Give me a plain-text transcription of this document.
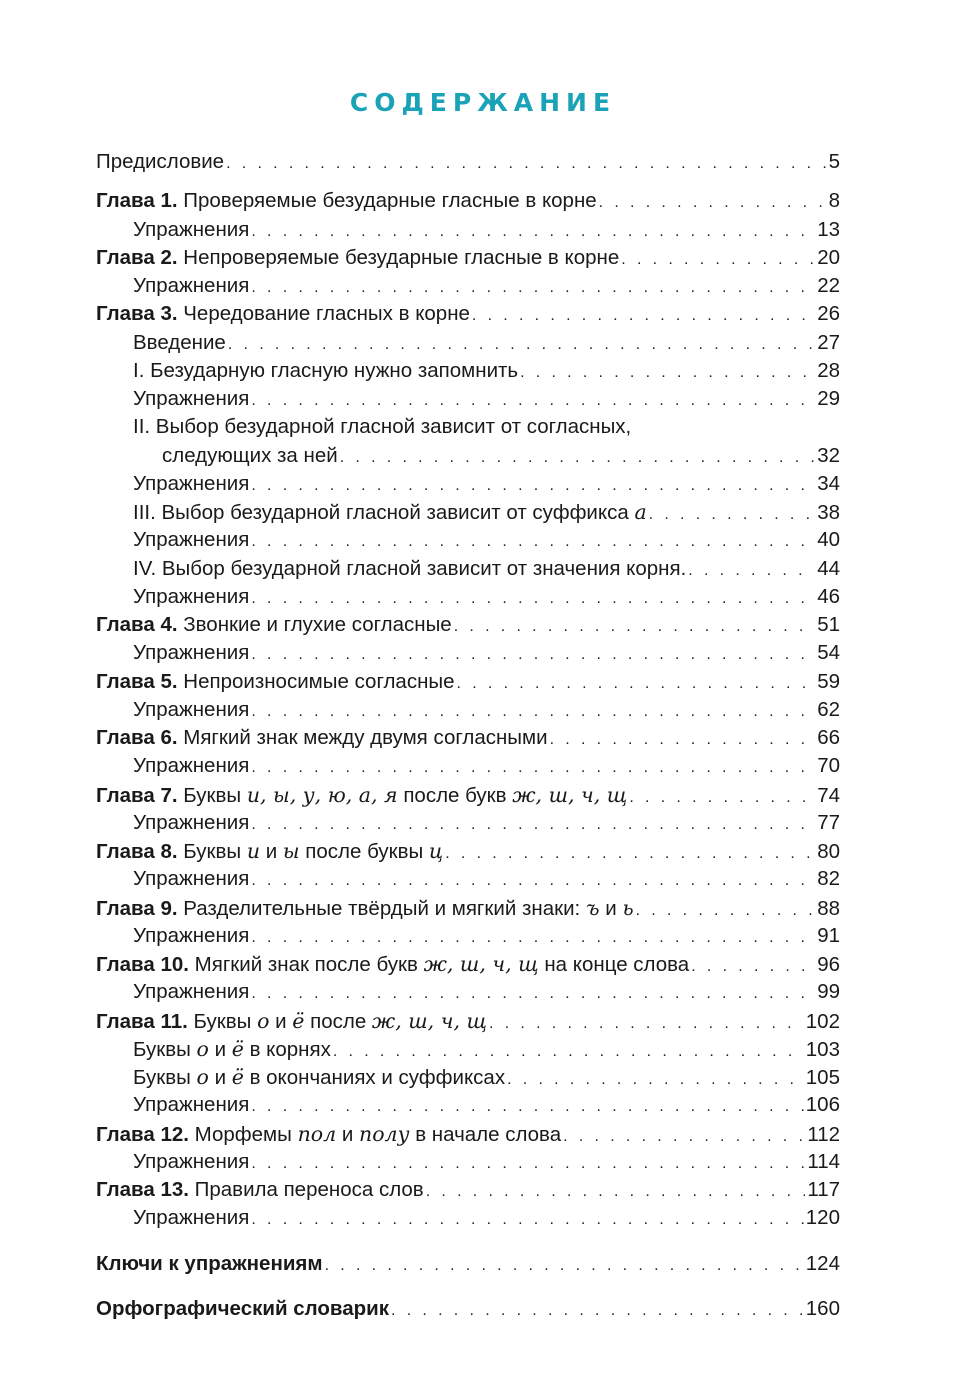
СОДЕРЖАНИЕ
Предисловие . . .	5
Глава 1. Проверяемые безударные гласные в корне . . .	8
Упражнения . . .	13
Глава 2. Непроверяемые безударные гласные в корне . . .	20
Упражнения . . .	22
Глава 3. Чередование гласных в корне . . .	26
Введение . . .	27
I. Безударную гласную нужно запомнить . . .	28
Упражнения . . .	29
II. Выбор безударной гласной зависит от согласных,
следующих за ней . . .	32
Упражнения . . .	34
III. Выбор безударной гласной зависит от суффикса а . . .	38
Упражнения . . .	40
IV. Выбор безударной гласной зависит от значения корня. . . .	44
Упражнения . . .	46
Глава 4. Звонкие и глухие согласные . . .	51
Упражнения . . .	54
Глава 5. Непроизносимые согласные . . .	59
Упражнения . . .	62
Глава 6. Мягкий знак между двумя согласными . . .	66
Упражнения . . .	70
Глава 7. Буквы и, ы, у, ю, а, я после букв ж, ш, ч, щ . . .	74
Упражнения . . .	77
Глава 8. Буквы и и ы после буквы ц . . .	80
Упражнения . . .	82
Глава 9. Разделительные твёрдый и мягкий знаки: ъ и ь . . .	88
Упражнения . . .	91
Глава 10. Мягкий знак после букв ж, ш, ч, щ на конце слова . . .	96
Упражнения . . .	99
Глава 11. Буквы о и ё после ж, ш, ч, щ . . .	102
Буквы о и ё в корнях . . .	103
Буквы о и ё в окончаниях и суффиксах . . .	105
Упражнения . . .	106
Глава 12. Морфемы пол и полу в начале слова . . .	112
Упражнения . . .	114
Глава 13. Правила переноса слов . . .	117
Упражнения . . .	120
Ключи к упражнениям . . .	124
Орфографический словарик . . .	160
